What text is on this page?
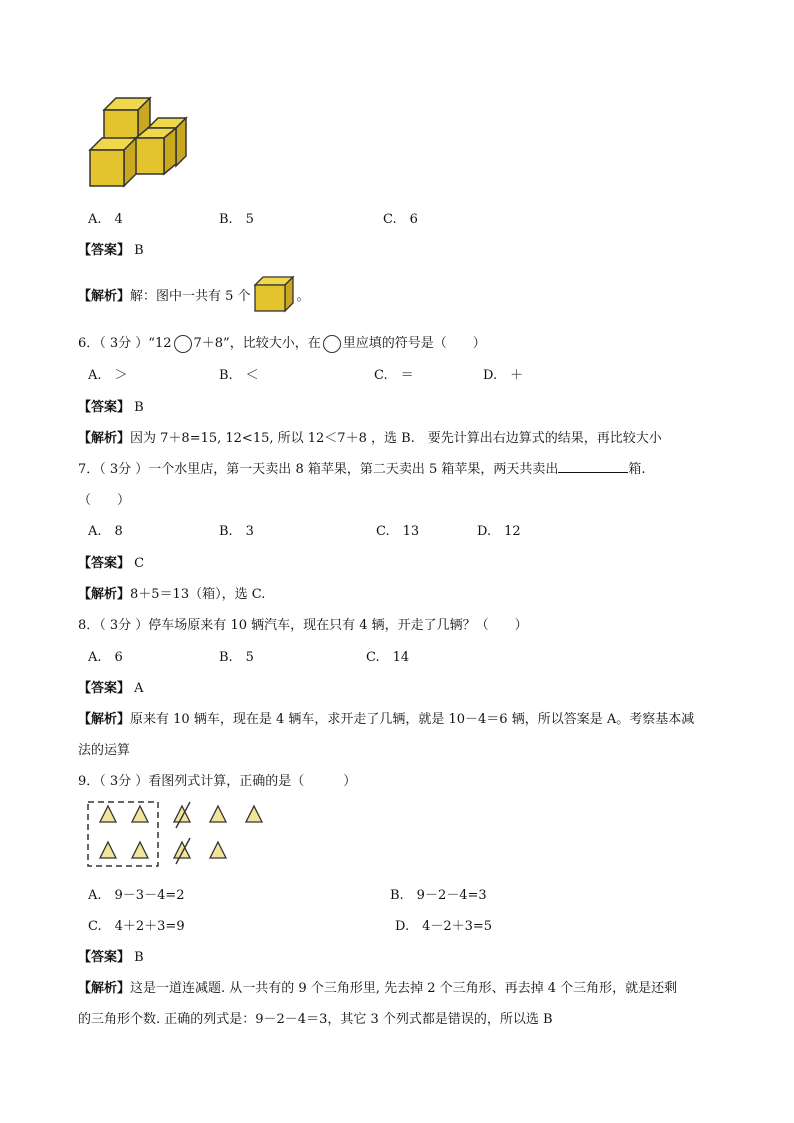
A.　4	B.　5	C.　6
【答案】 B
【解析】 解：图中一共有 5 个	。
6．（ 3分 ）“12 7＋8”，比较大小，在 里应填的符号是（　　）
A.　＞	B.　＜	C.　＝	D.　＋
【答案】 B
【解析】因为 7＋8=15, 12<15, 所以 12＜7＋8 ，选 B.　要先计算出右边算式的结果，再比较大小
7．（ 3分 ）一个水里店，第一天卖出 8 箱苹果，第二天卖出 5 箱苹果，两天共卖出	箱.
（　　）
A.　8	B.　3	C.　13	D.　12
【答案】 C
【解析】8＋5＝13（箱），选 C.
8．（ 3分 ）停车场原来有 10 辆汽车，现在只有 4 辆，开走了几辆？（　　）
A.　6	B.　5	C.　14
【答案】 A
【解析】原来有 10 辆车，现在是 4 辆车，求开走了几辆，就是 10－4＝6 辆，所以答案是 A。考察基本减
法的运算
9．（ 3分 ）看图列式计算，正确的是（　　　）
A.　9－3－4=2	B.　9－2－4=3
C.　4＋2＋3=9	D.　4－2＋3=5
【答案】 B
【解析】这是一道连减题. 从一共有的 9 个三角形里, 先去掉 2 个三角形、再去掉 4 个三角形，就是还剩
的三角形个数. 正确的列式是：9－2－4＝3，其它 3 个列式都是错误的，所以选 B
